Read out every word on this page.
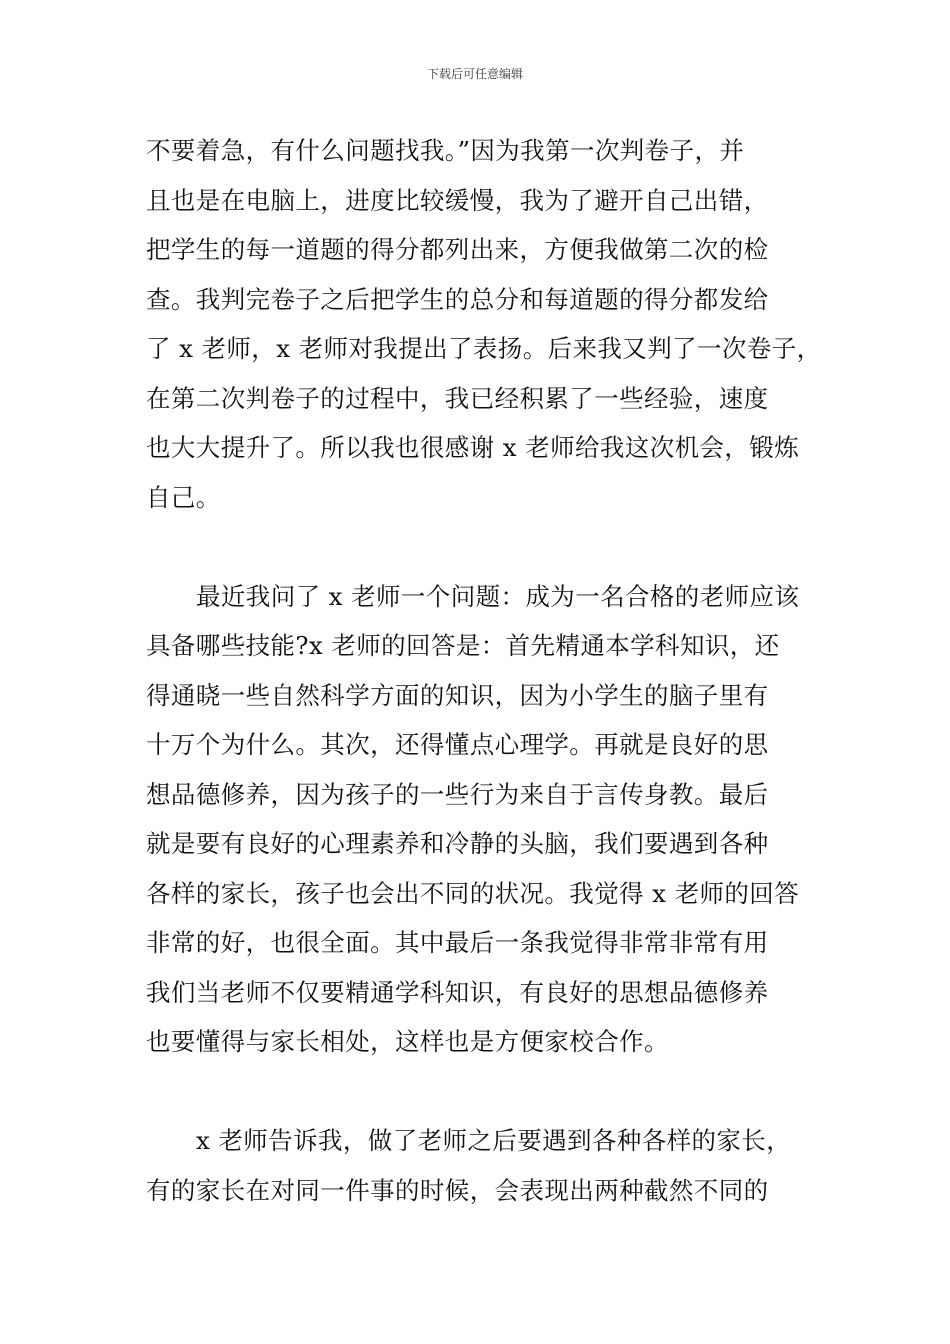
下载后可任意编辑
不要着急，有什么问题找我。”因为我第一次判卷子，并
且也是在电脑上，进度比较缓慢，我为了避开自己出错，
把学生的每一道题的得分都列出来，方便我做第二次的检
查。我判完卷子之后把学生的总分和每道题的得分都发给
了 x 老师，x 老师对我提出了表扬。后来我又判了一次卷子，
在第二次判卷子的过程中，我已经积累了一些经验，速度
也大大提升了。所以我也很感谢 x 老师给我这次机会，锻炼
自己。
最近我问了 x 老师一个问题：成为一名合格的老师应该
具备哪些技能?x 老师的回答是：首先精通本学科知识，还
得通晓一些自然科学方面的知识，因为小学生的脑子里有
十万个为什么。其次，还得懂点心理学。再就是良好的思
想品德修养，因为孩子的一些行为来自于言传身教。最后
就是要有良好的心理素养和冷静的头脑，我们要遇到各种
各样的家长，孩子也会出不同的状况。我觉得 x 老师的回答
非常的好，也很全面。其中最后一条我觉得非常非常有用
我们当老师不仅要精通学科知识，有良好的思想品德修养
也要懂得与家长相处，这样也是方便家校合作。
x 老师告诉我，做了老师之后要遇到各种各样的家长，
有的家长在对同一件事的时候，会表现出两种截然不同的
